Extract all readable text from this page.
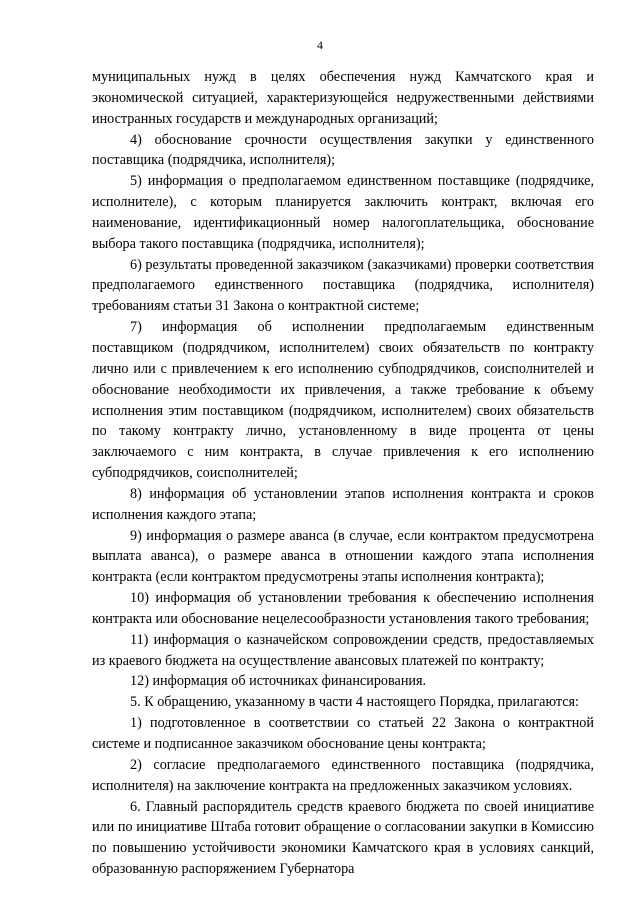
4

муниципальных нужд в целях обеспечения нужд Камчатского края и экономической ситуацией, характеризующейся недружественными действиями иностранных государств и международных организаций;

4) обоснование срочности осуществления закупки у единственного поставщика (подрядчика, исполнителя);

5) информация о предполагаемом единственном поставщике (подрядчике, исполнителе), с которым планируется заключить контракт, включая его наименование, идентификационный номер налогоплательщика, обоснование выбора такого поставщика (подрядчика, исполнителя);

6) результаты проведенной заказчиком (заказчиками) проверки соответствия предполагаемого единственного поставщика (подрядчика, исполнителя) требованиям статьи 31 Закона о контрактной системе;

7) информация об исполнении предполагаемым единственным поставщиком (подрядчиком, исполнителем) своих обязательств по контракту лично или с привлечением к его исполнению субподрядчиков, соисполнителей и обоснование необходимости их привлечения, а также требование к объему исполнения этим поставщиком (подрядчиком, исполнителем) своих обязательств по такому контракту лично, установленному в виде процента от цены заключаемого с ним контракта, в случае привлечения к его исполнению субподрядчиков, соисполнителей;

8) информация об установлении этапов исполнения контракта и сроков исполнения каждого этапа;

9) информация о размере аванса (в случае, если контрактом предусмотрена выплата аванса), о размере аванса в отношении каждого этапа исполнения контракта (если контрактом предусмотрены этапы исполнения контракта);

10) информация об установлении требования к обеспечению исполнения контракта или обоснование нецелесообразности установления такого требования;

11) информация о казначейском сопровождении средств, предоставляемых из краевого бюджета на осуществление авансовых платежей по контракту;

12) информация об источниках финансирования.

5. К обращению, указанному в части 4 настоящего Порядка, прилагаются:

1) подготовленное в соответствии со статьей 22 Закона о контрактной системе и подписанное заказчиком обоснование цены контракта;

2) согласие предполагаемого единственного поставщика (подрядчика, исполнителя) на заключение контракта на предложенных заказчиком условиях.

6. Главный распорядитель средств краевого бюджета по своей инициативе или по инициативе Штаба готовит обращение о согласовании закупки в Комиссию по повышению устойчивости экономики Камчатского края в условиях санкций, образованную распоряжением Губернатора
